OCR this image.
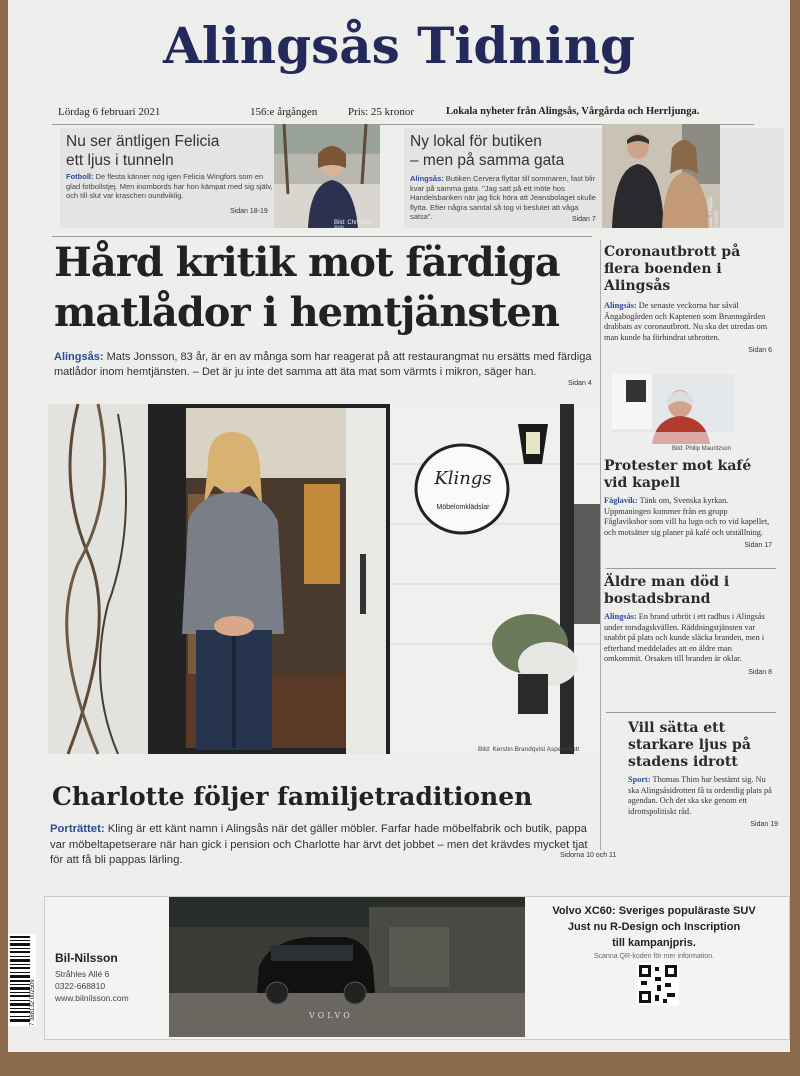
Alingsås Tidning
Lördag 6 februari 2021	156:e årgången	Pris: 25 kronor	Lokala nyheter från Alingsås, Vårgårda och Herrljunga.
Nu ser äntligen Felicia
ett ljus i tunneln

Fotboll: De flesta känner nog igen Felicia Wingfors som en glad fotbollstjej. Men inombords har hon kämpat med sig själv, och till slut var kraschen oundviklig.

Sidan 18-19
Bild: Christian Still
Ny lokal för butiken
– men på samma gata

Alingsås: Butiken Cervera flyttar till sommaren, fast blir kvar på samma gata. "Jag satt på ett möte hos Handelsbanken när jag fick höra att Jeansbolaget skulle flytta. Efter några samtal så tog vi beslutet att våga satsa".	Sidan 7	Bild: Filippa Eckert
Hård kritik mot färdiga
matlådor i hemtjänsten
Alingsås: Mats Jonsson, 83 år, är en av många som har reagerat på att restaurangmat nu ersätts med färdiga matlådor inom hemtjänsten. – Det är ju inte det samma att äta mat som värmts i mikron, säger han.
Sidan 4
Klings
Möbelomklädslar
Bild: Kerstin Brandqvist Aspenstedt
Charlotte följer familjetraditionen
Porträttet: Kling är ett känt namn i Alingsås när det gäller möbler. Farfar hade möbelfabrik och butik, pappa var möbeltapetserare när han gick i pension och Charlotte har ärvt det jobbet – men det krävdes mycket tjat för att få bli pappas lärling.	Sidorna 10 och 11
Coronautbrott på flera boenden i Alingsås

Alingsås: De senaste veckorna har såväl Ängabogården och Kaptenen som Brunnsgården drabbats av coronautbrott. Nu ska det utredas om man kunde ha förhindrat utbrotten.

Sidan 6
Bild: Philip Mauritzson
Protester mot kafé vid kapell

Fåglavik: Tänk om, Svenska kyrkan. Uppmaningen kommer från en grupp Fåglaviksbor som vill ha lugn och ro vid kapellet, och motsätter sig planer på kafé och utställning.

Sidan 17
Äldre man död i bostadsbrand

Alingsås: En brand utbröt i ett radhus i Alingsås under torsdagskvällen. Räddningstjänsten var snabbt på plats och kunde släcka branden, men i efterhand meddelades att en äldre man omkommit. Orsaken till branden är oklar.

Sidan 8
Vill sätta ett starkare ljus på stadens idrott

Sport: Thomas Thim har bestämt sig. Nu ska Alingsåsidrotten få ta ordentlig plats på agendan. Och det ska ske genom ett idrottspolitiskt råd.

Sidan 19
Bil-Nilsson
Stråhles Allé 6
0322-668810
www.bilnilsson.com
VOLVO
Volvo XC60: Sveriges populäraste SUV
Just nu R-Design och Inscription
till kampanjpris.
Scanna QR-koden för mer information.
7 388132 002509
